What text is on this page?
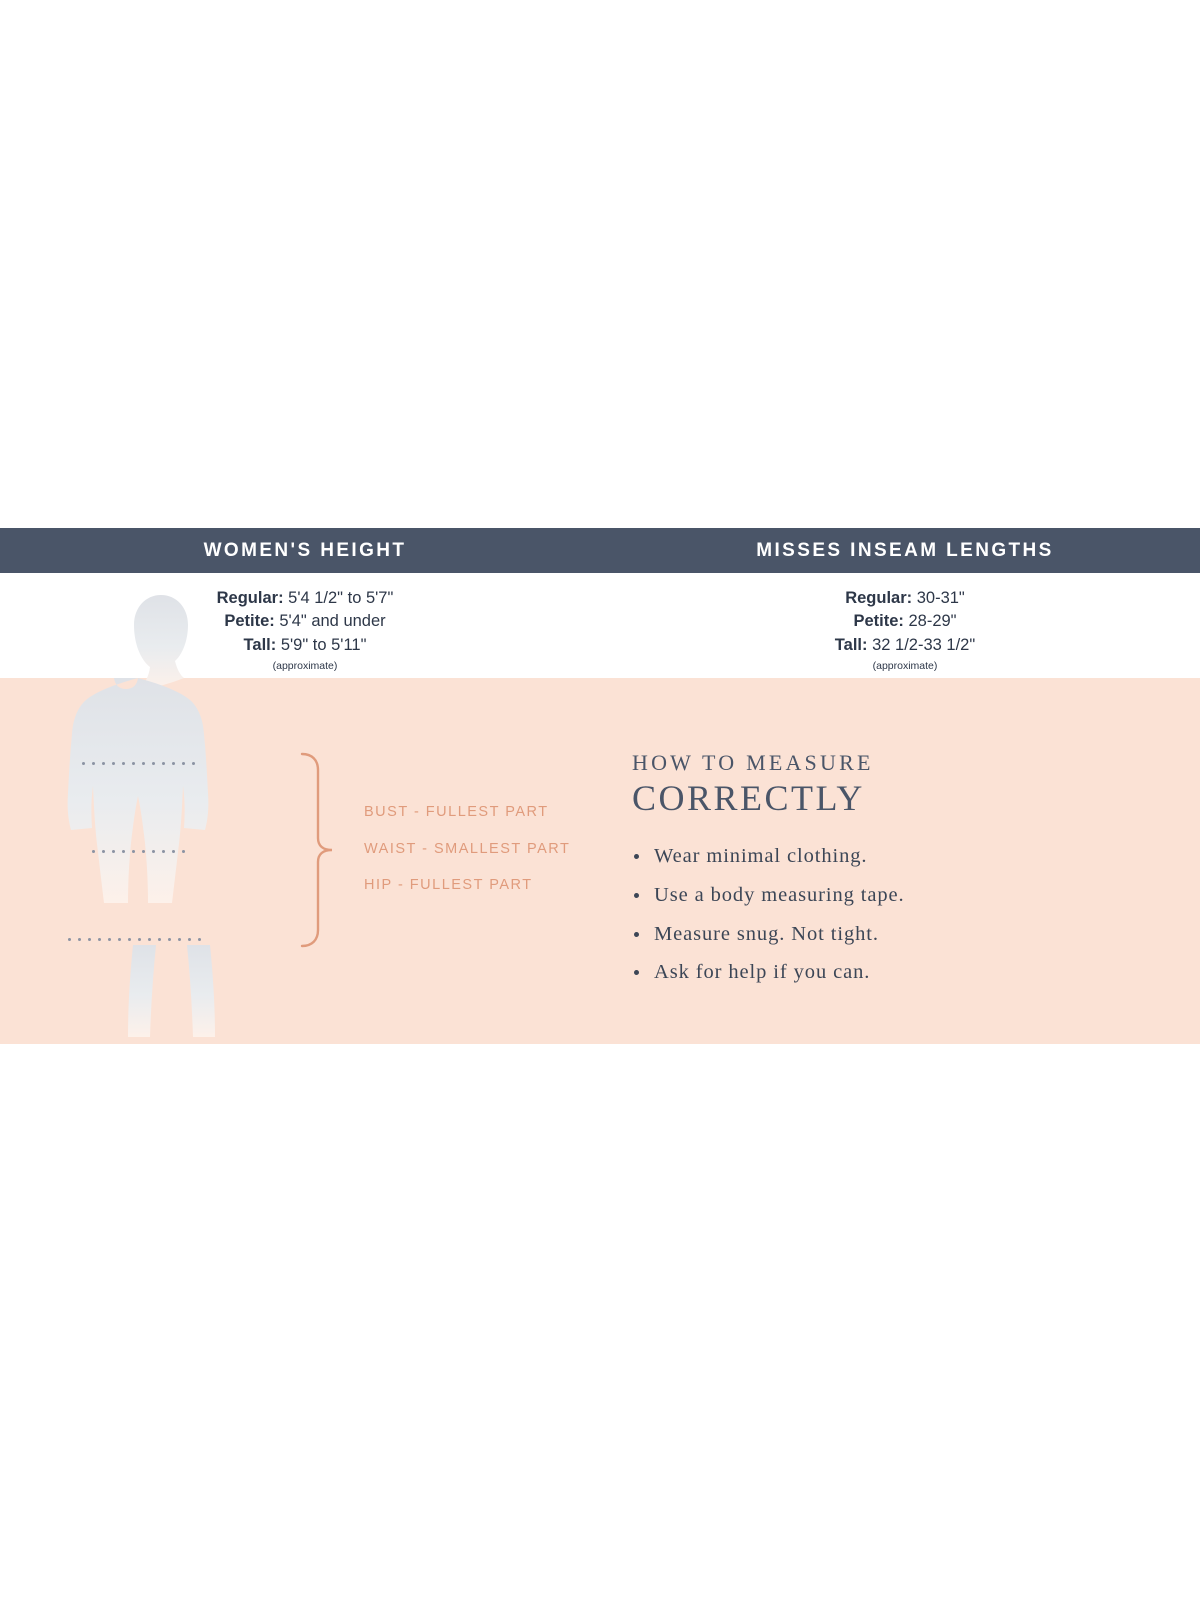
WOMEN'S HEIGHT	MISSES INSEAM LENGTHS
Regular: 5'4 1/2" to 5'7"
Petite: 5'4" and under
Tall: 5'9" to 5'11"
(approximate)
Regular: 30-31"
Petite: 28-29"
Tall: 32 1/2-33 1/2"
(approximate)
BUST - FULLEST PART
WAIST - SMALLEST PART
HIP - FULLEST PART
HOW TO MEASURE
CORRECTLY
Wear minimal clothing.
Use a body measuring tape.
Measure snug. Not tight.
Ask for help if you can.
